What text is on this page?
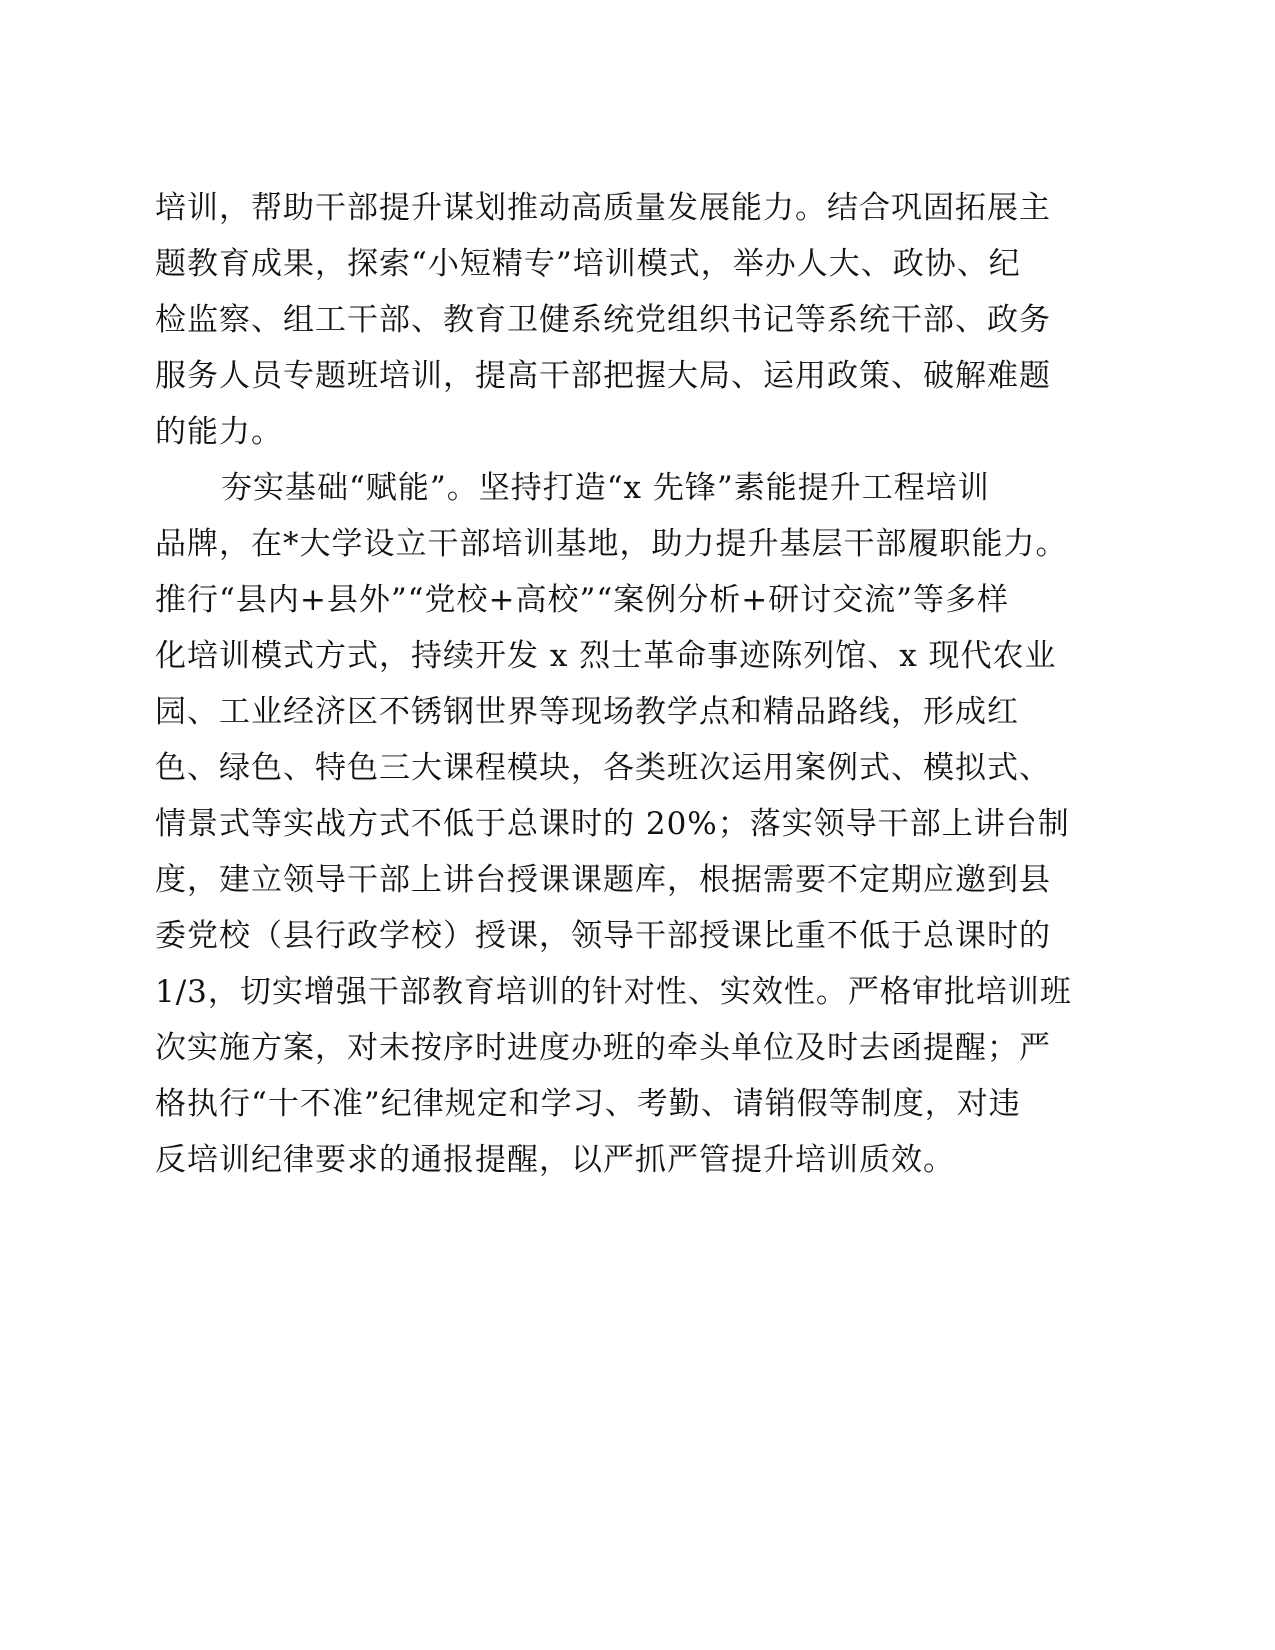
培训，帮助干部提升谋划推动高质量发展能力。结合巩固拓展主
题教育成果，探索“小短精专”培训模式，举办人大、政协、纪
检监察、组工干部、教育卫健系统党组织书记等系统干部、政务
服务人员专题班培训，提高干部把握大局、运用政策、破解难题
的能力。
夯实基础“赋能”。坚持打造“x 先锋”素能提升工程培训
品牌，在*大学设立干部培训基地，助力提升基层干部履职能力。
推行“县内+县外”“党校+高校”“案例分析+研讨交流”等多样
化培训模式方式，持续开发 x 烈士革命事迹陈列馆、x 现代农业
园、工业经济区不锈钢世界等现场教学点和精品路线，形成红
色、绿色、特色三大课程模块，各类班次运用案例式、模拟式、
情景式等实战方式不低于总课时的 20%；落实领导干部上讲台制
度，建立领导干部上讲台授课课题库，根据需要不定期应邀到县
委党校（县行政学校）授课，领导干部授课比重不低于总课时的
1/3，切实增强干部教育培训的针对性、实效性。严格审批培训班
次实施方案，对未按序时进度办班的牵头单位及时去函提醒；严
格执行“十不准”纪律规定和学习、考勤、请销假等制度，对违
反培训纪律要求的通报提醒，以严抓严管提升培训质效。
